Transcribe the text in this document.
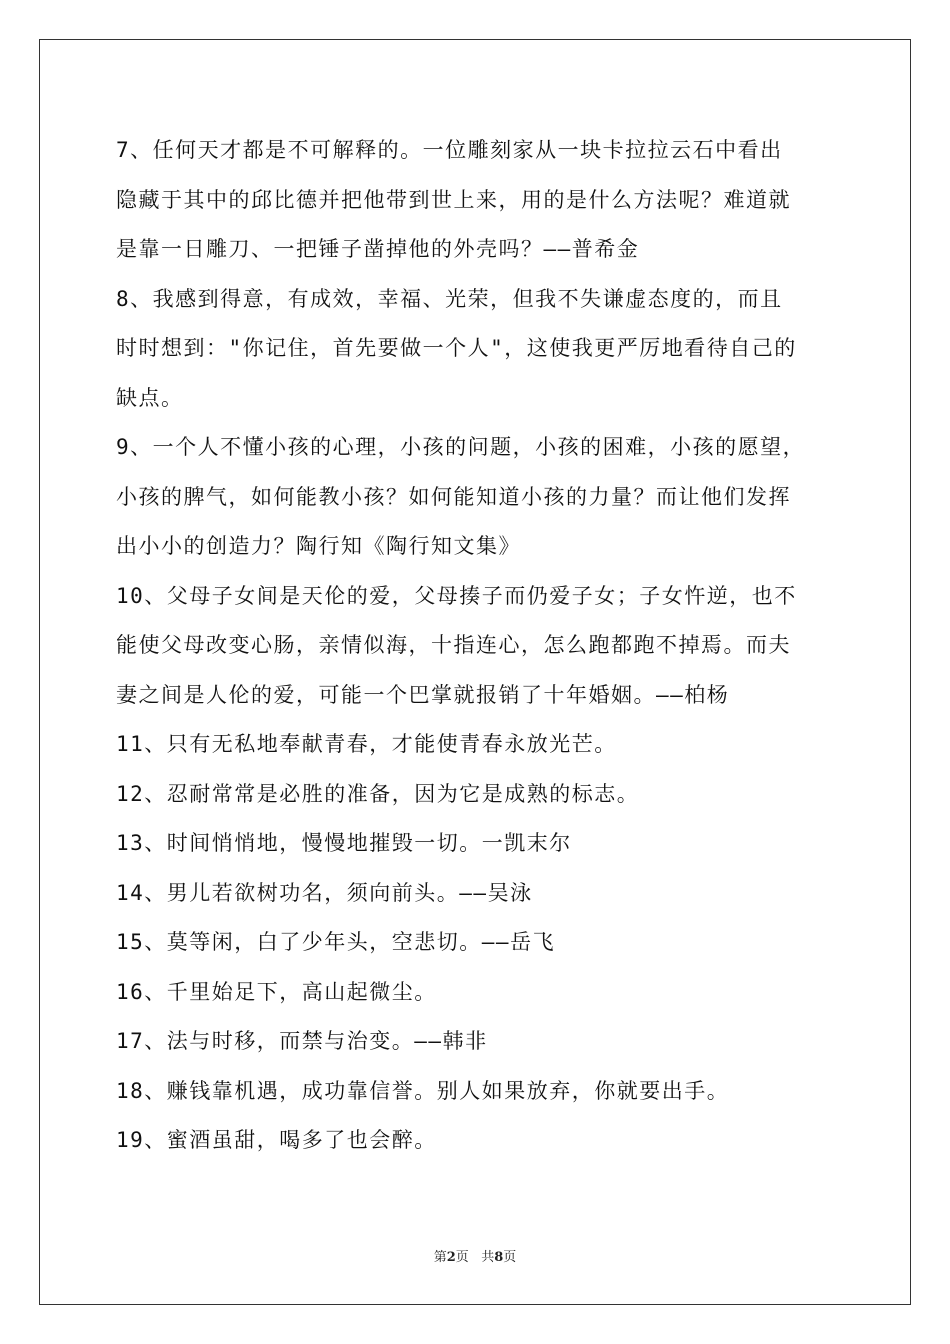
7、任何天才都是不可解释的。一位雕刻家从一块卡拉拉云石中看出
隐藏于其中的邱比德并把他带到世上来，用的是什么方法呢？难道就
是靠一日雕刀、一把锤子凿掉他的外壳吗？——普希金

8、我感到得意，有成效，幸福、光荣，但我不失谦虚态度的，而且
时时想到："你记住，首先要做一个人"，这使我更严厉地看待自己的
缺点。

9、一个人不懂小孩的心理，小孩的问题，小孩的困难，小孩的愿望，
小孩的脾气，如何能教小孩？如何能知道小孩的力量？而让他们发挥
出小小的创造力？陶行知《陶行知文集》

10、父母子女间是天伦的爱，父母揍子而仍爱子女；子女忤逆，也不
能使父母改变心肠，亲情似海，十指连心，怎么跑都跑不掉焉。而夫
妻之间是人伦的爱，可能一个巴掌就报销了十年婚姻。——柏杨

11、只有无私地奉献青春，才能使青春永放光芒。

12、忍耐常常是必胜的准备，因为它是成熟的标志。

13、时间悄悄地，慢慢地摧毁一切。一凯末尔

14、男儿若欲树功名，须向前头。——吴泳

15、莫等闲，白了少年头，空悲切。——岳飞

16、千里始足下，高山起微尘。

17、法与时移，而禁与治变。——韩非

18、赚钱靠机遇，成功靠信誉。别人如果放弃，你就要出手。

19、蜜酒虽甜，喝多了也会醉。

第2页 共8页
